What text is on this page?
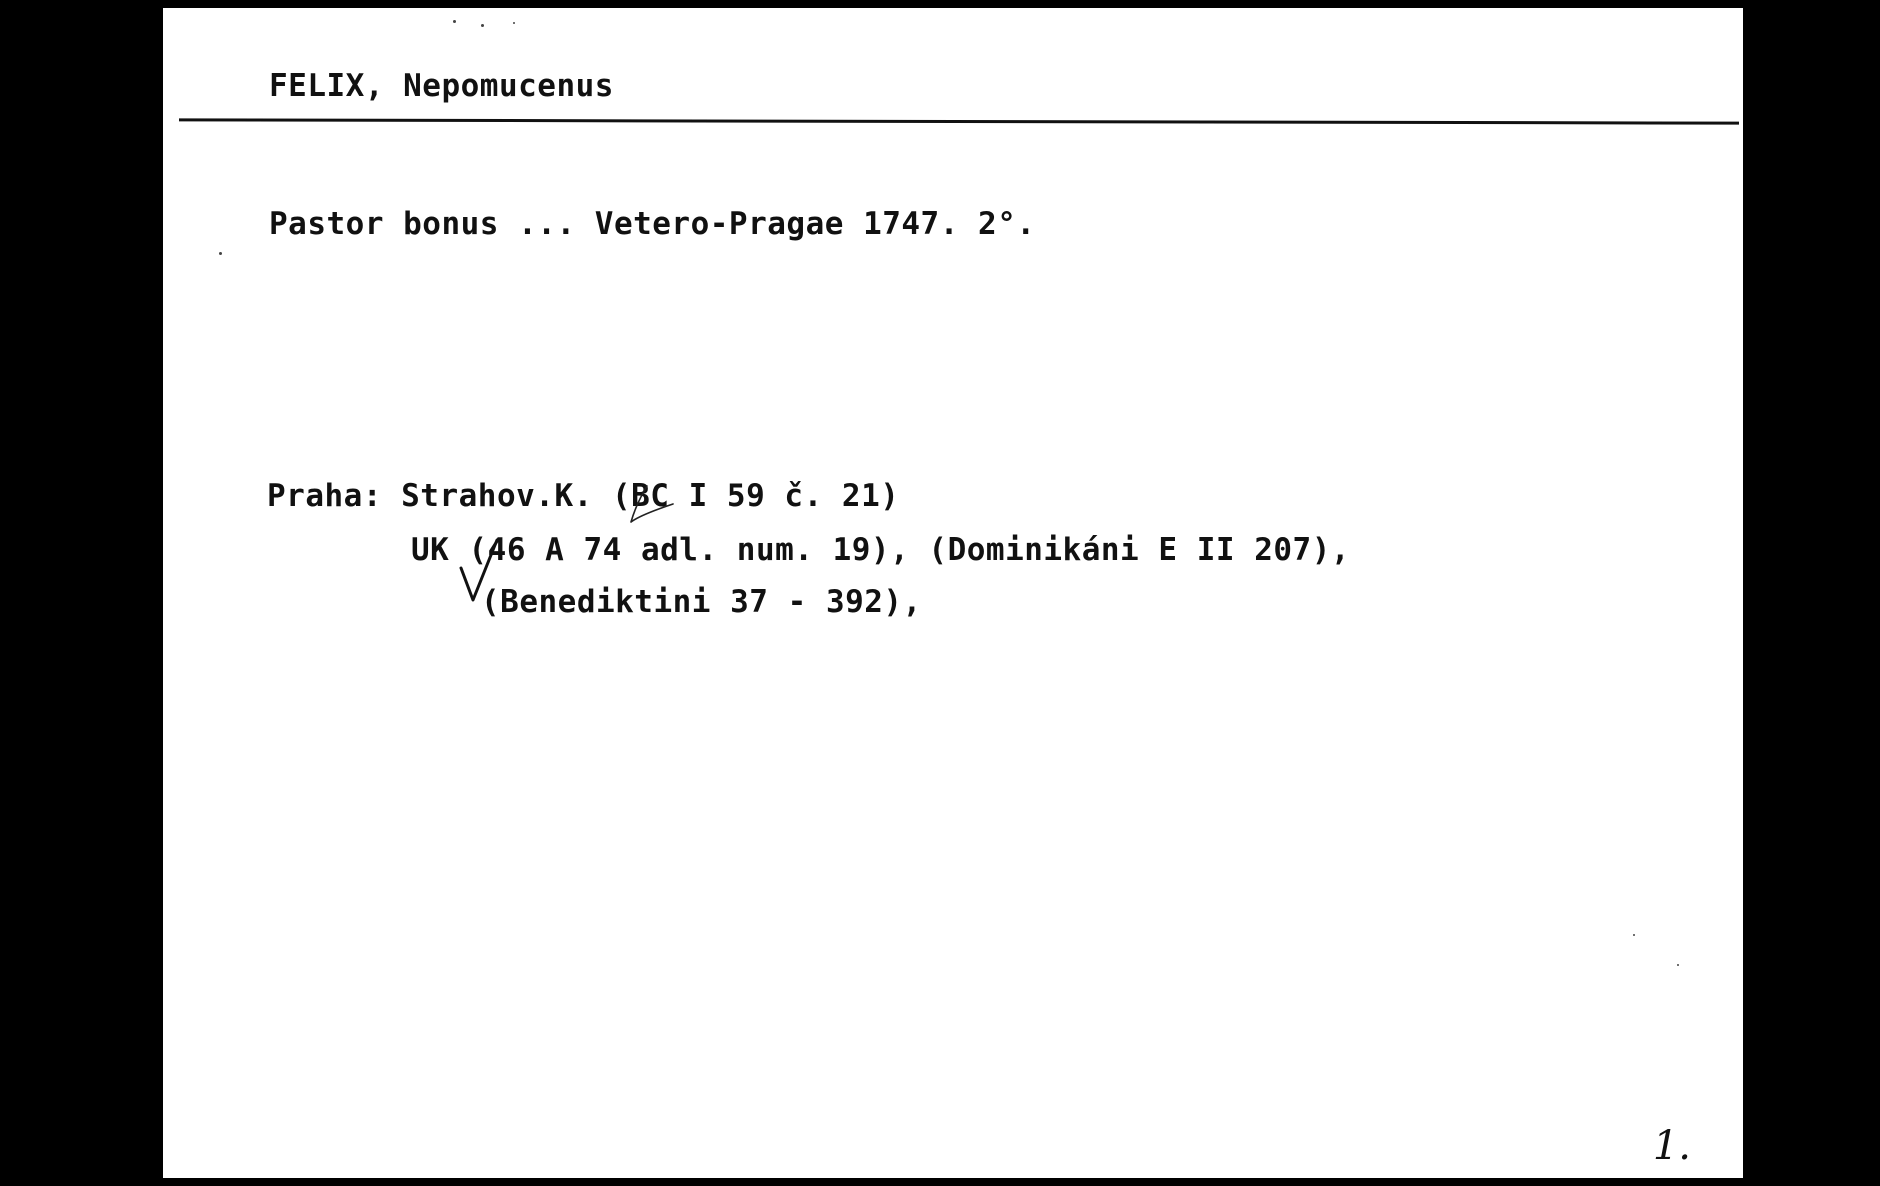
FELIX, Nepomucenus
Pastor bonus ... Vetero-Pragae 1747. 2°.
Praha: Strahov.K. (BC I 59 č. 21)
UK (46 A 74 adl. num. 19), (Dominikáni E II 207),
(Benediktini 37 - 392),
1.
